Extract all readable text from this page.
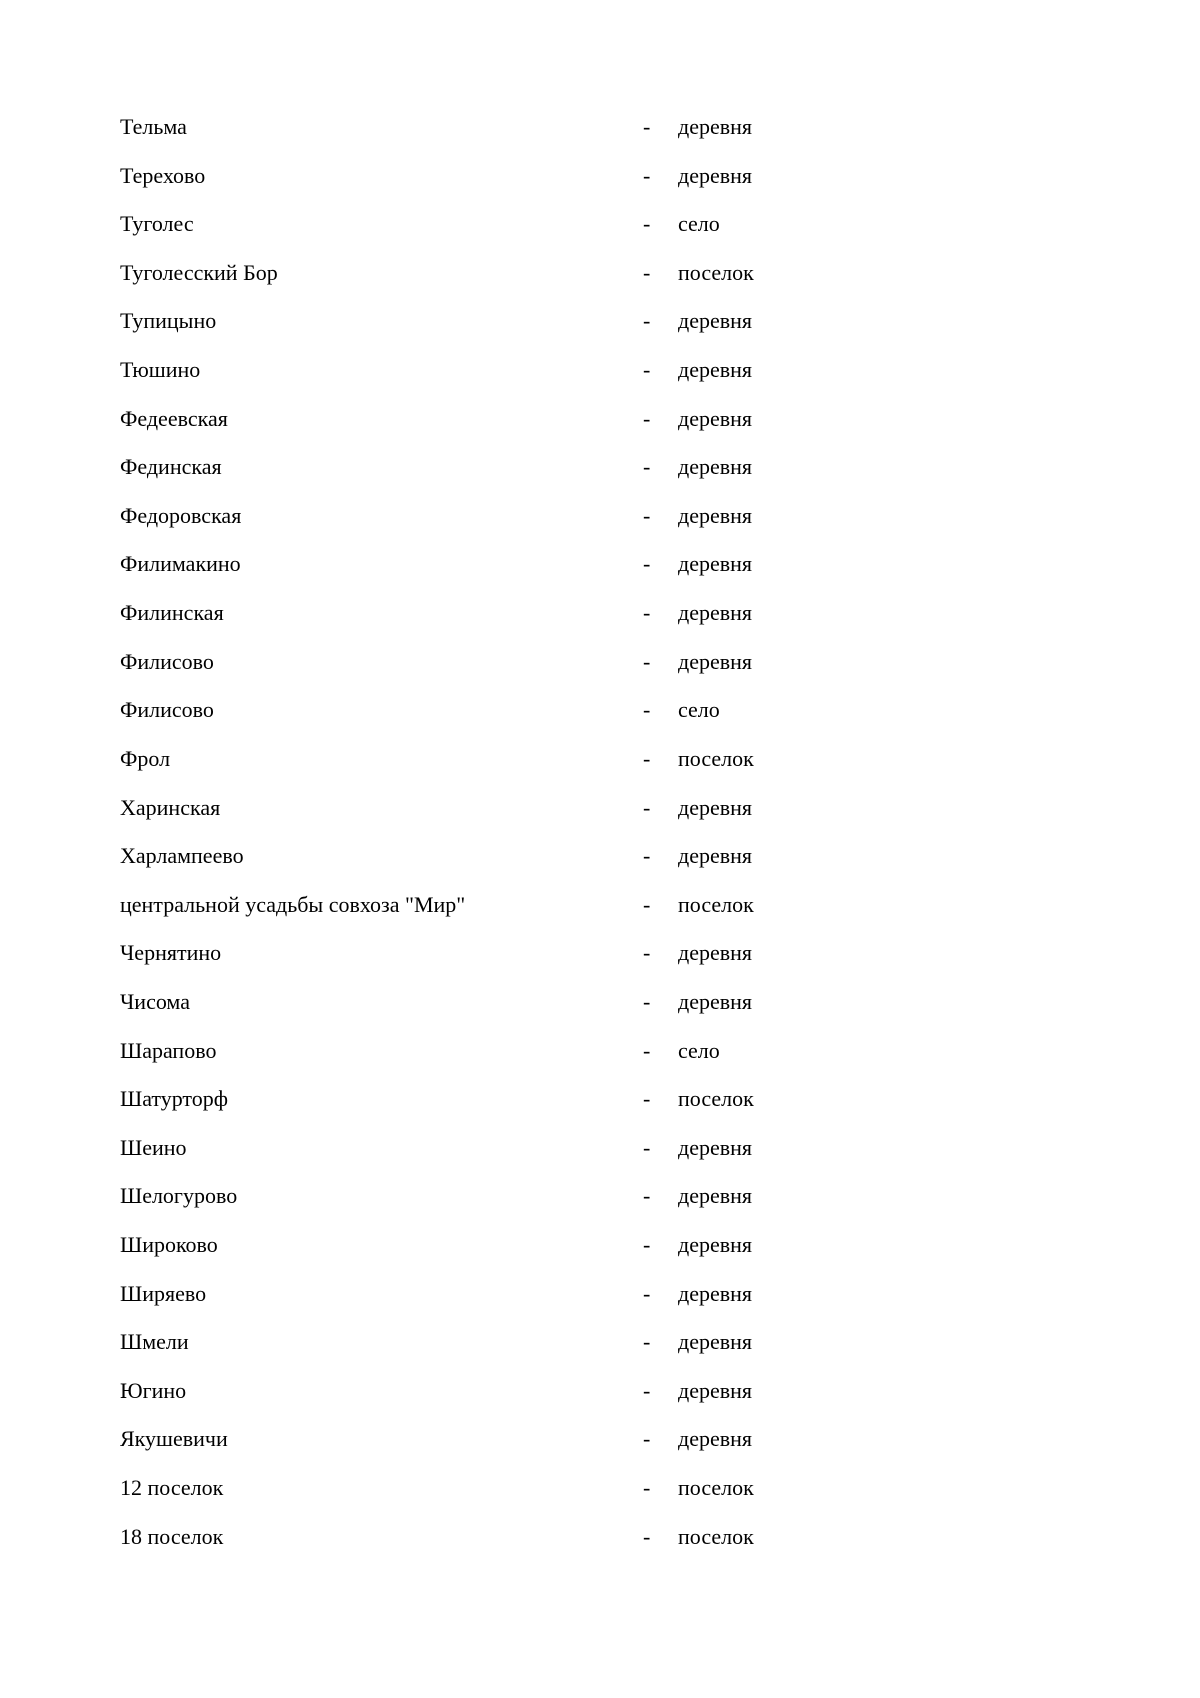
Тельма	- деревня
Терехово	- деревня
Туголес	- село
Туголесский Бор	- поселок
Тупицыно	- деревня
Тюшино	- деревня
Федеевская	- деревня
Фединская	- деревня
Федоровская	- деревня
Филимакино	- деревня
Филинская	- деревня
Филисово	- деревня
Филисово	- село
Фрол	- поселок
Харинская	- деревня
Харлампеево	- деревня
центральной усадьбы совхоза "Мир"	- поселок
Чернятино	- деревня
Чисома	- деревня
Шарапово	- село
Шатурторф	- поселок
Шеино	- деревня
Шелогурово	- деревня
Широково	- деревня
Ширяево	- деревня
Шмели	- деревня
Югино	- деревня
Якушевичи	- деревня
12 поселок	- поселок
18 поселок	- поселок
